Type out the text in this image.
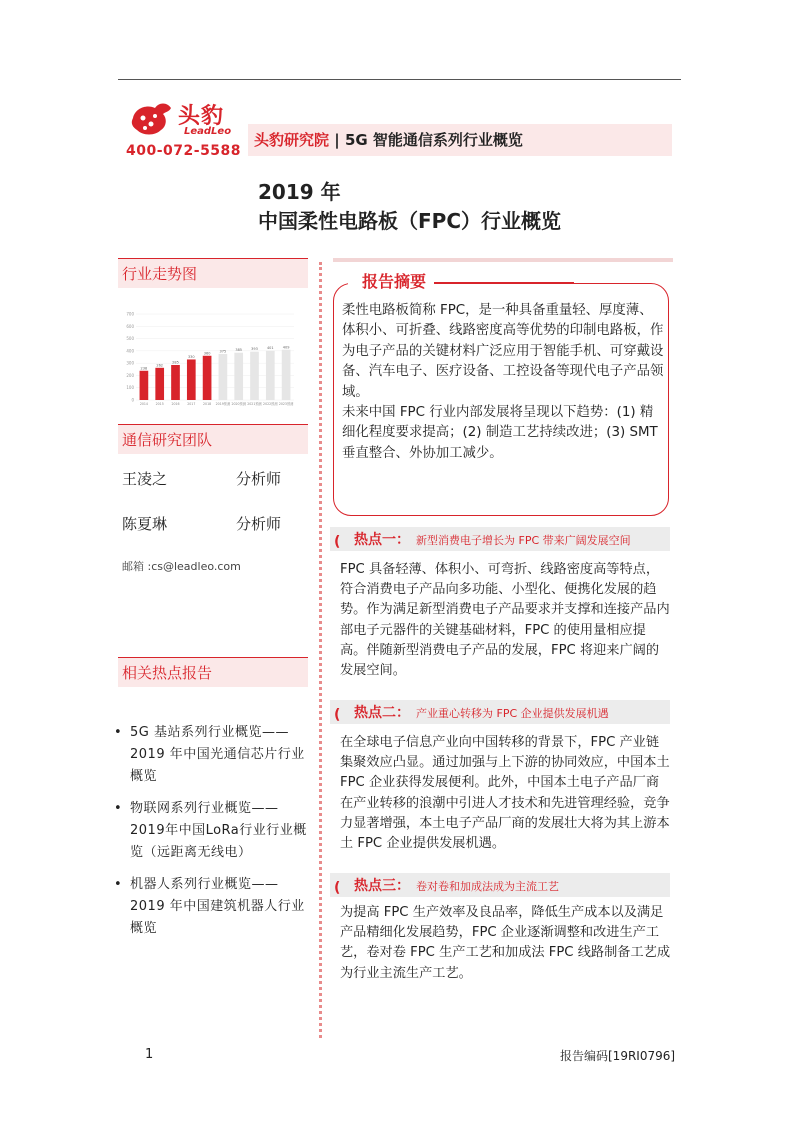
头豹
LeadLeo
400-072-5588
头豹研究院 | 5G 智能通信系列行业概览
2019 年
中国柔性电路板（FPC）行业概览
行业走势图
0
100
200
300
400
500
600
700
238
2014
262
2015
285
2016
330
2017
360
2018
375
2019预测
385
2020预测
393
2021预测
401
2022预测
409
2023预测
通信研究团队
王凌之	分析师
陈夏琳	分析师
邮箱 :cs@leadleo.com
相关热点报告
• 5G 基站系列行业概览——2019 年中国光通信芯片行业概览
• 物联网系列行业概览——2019年中国LoRa行业行业概览（远距离无线电）
• 机器人系列行业概览——2019 年中国建筑机器人行业概览
报告摘要

柔性电路板简称 FPC，是一种具备重量轻、厚度薄、体积小、可折叠、线路密度高等优势的印制电路板，作为电子产品的关键材料广泛应用于智能手机、可穿戴设备、汽车电子、医疗设备、工控设备等现代电子产品领域。

未来中国 FPC 行业内部发展将呈现以下趋势：(1) 精细化程度要求提高；(2) 制造工艺持续改进；(3) SMT 垂直整合、外协加工减少。

( 热点一： 新型消费电子增长为 FPC 带来广阔发展空间
FPC 具备轻薄、体积小、可弯折、线路密度高等特点，符合消费电子产品向多功能、小型化、便携化发展的趋势。作为满足新型消费电子产品要求并支撑和连接产品内部电子元器件的关键基础材料，FPC 的使用量相应提高。伴随新型消费电子产品的发展，FPC 将迎来广阔的发展空间。
( 热点二： 产业重心转移为 FPC 企业提供发展机遇
在全球电子信息产业向中国转移的背景下，FPC 产业链集聚效应凸显。通过加强与上下游的协同效应，中国本土 FPC 企业获得发展便利。此外，中国本土电子产品厂商在产业转移的浪潮中引进人才技术和先进管理经验，竞争力显著增强，本土电子产品厂商的发展壮大将为其上游本土 FPC 企业提供发展机遇。
( 热点三： 卷对卷和加成法成为主流工艺
为提高 FPC 生产效率及良品率，降低生产成本以及满足产品精细化发展趋势，FPC 企业逐渐调整和改进生产工艺，卷对卷 FPC 生产工艺和加成法 FPC 线路制备工艺成为行业主流生产工艺。
1	报告编码[19RI0796]
